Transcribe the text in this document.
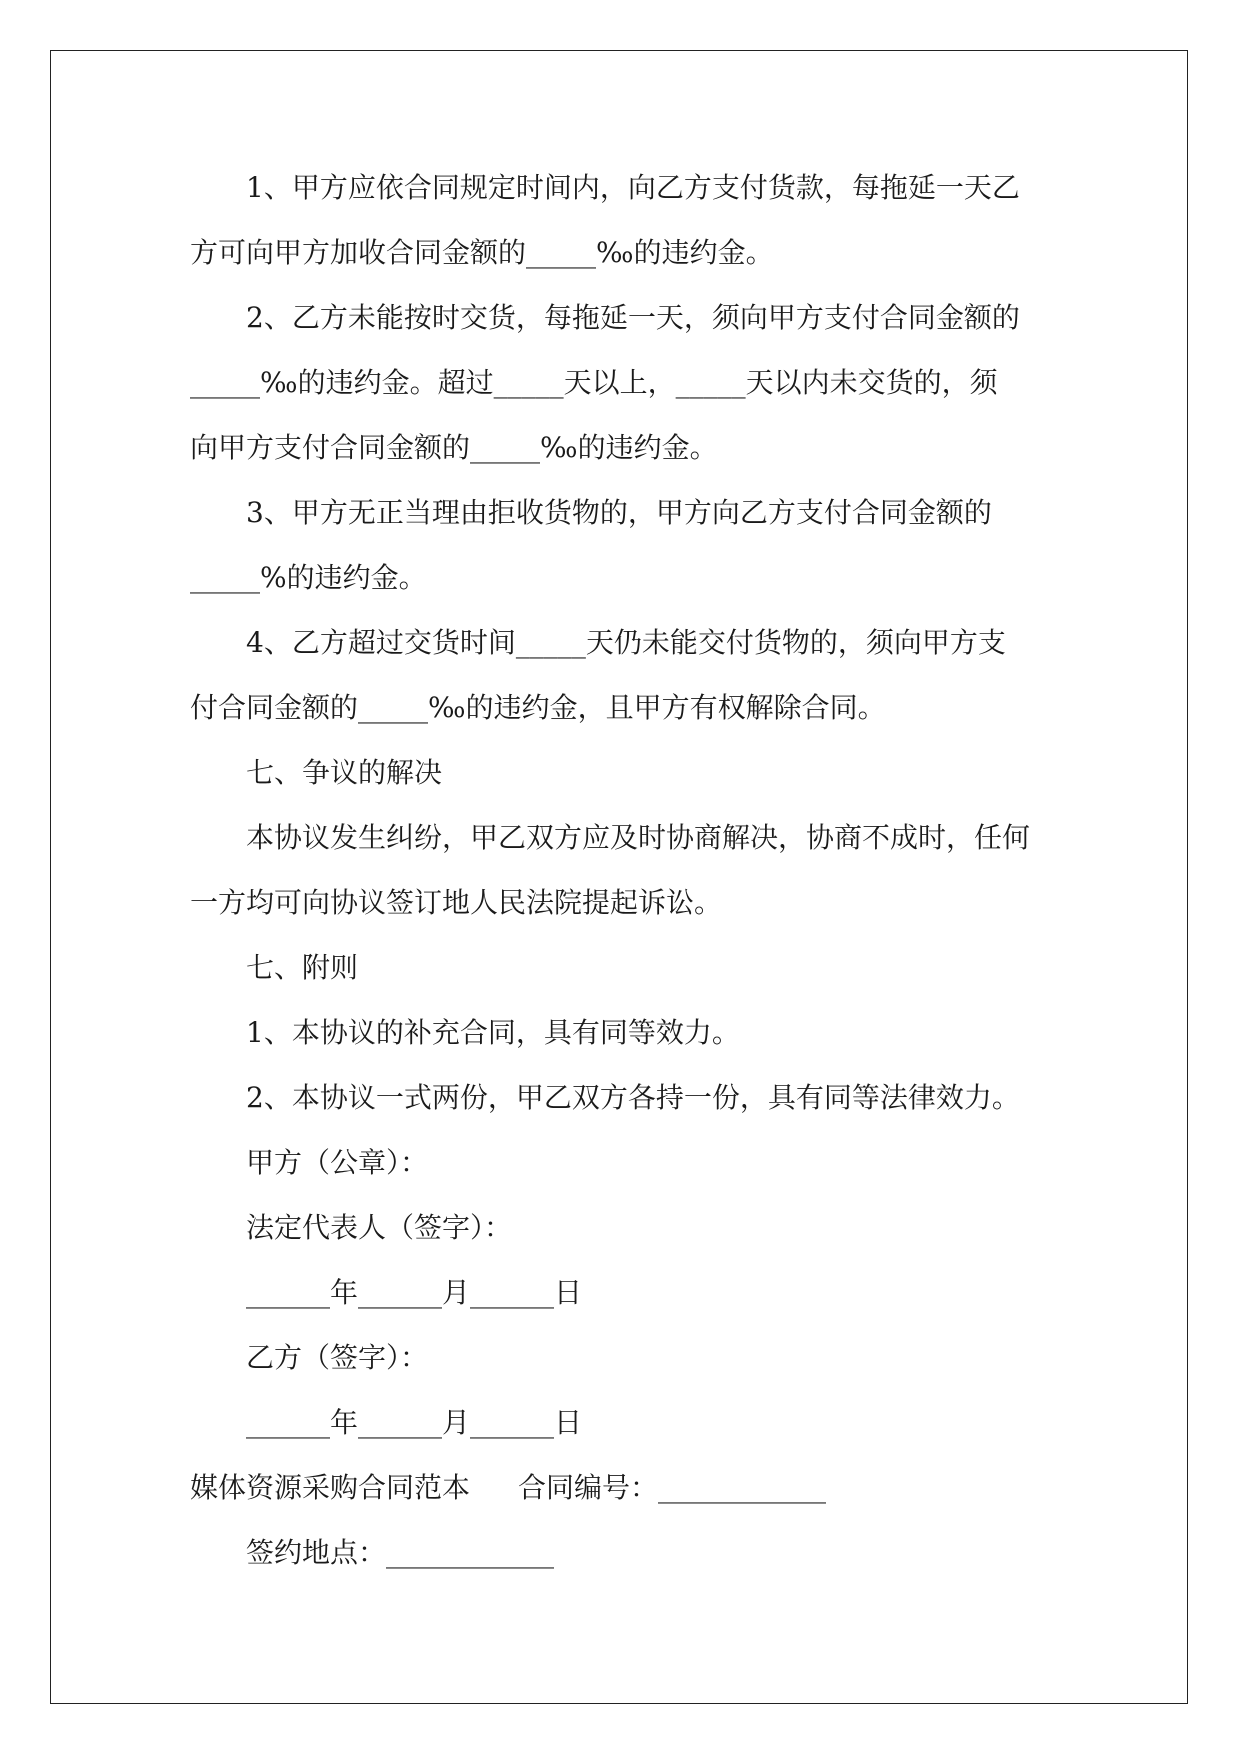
1、甲方应依合同规定时间内，向乙方支付货款，每拖延一天乙

方可向甲方加收合同金额的_____‰的违约金。

2、乙方未能按时交货，每拖延一天，须向甲方支付合同金额的

_____‰的违约金。超过_____天以上，_____天以内未交货的，须

向甲方支付合同金额的_____‰的违约金。

3、甲方无正当理由拒收货物的，甲方向乙方支付合同金额的

_____%的违约金。

4、乙方超过交货时间_____天仍未能交付货物的，须向甲方支

付合同金额的_____‰的违约金，且甲方有权解除合同。

七、争议的解决

本协议发生纠纷，甲乙双方应及时协商解决，协商不成时，任何

一方均可向协议签订地人民法院提起诉讼。

七、附则

1、本协议的补充合同，具有同等效力。

2、本协议一式两份，甲乙双方各持一份，具有同等法律效力。

甲方（公章）：

法定代表人（签字）：

______年______月______日

乙方（签字）：

______年______月______日

媒体资源采购合同范本 合同编号：____________

签约地点：____________
